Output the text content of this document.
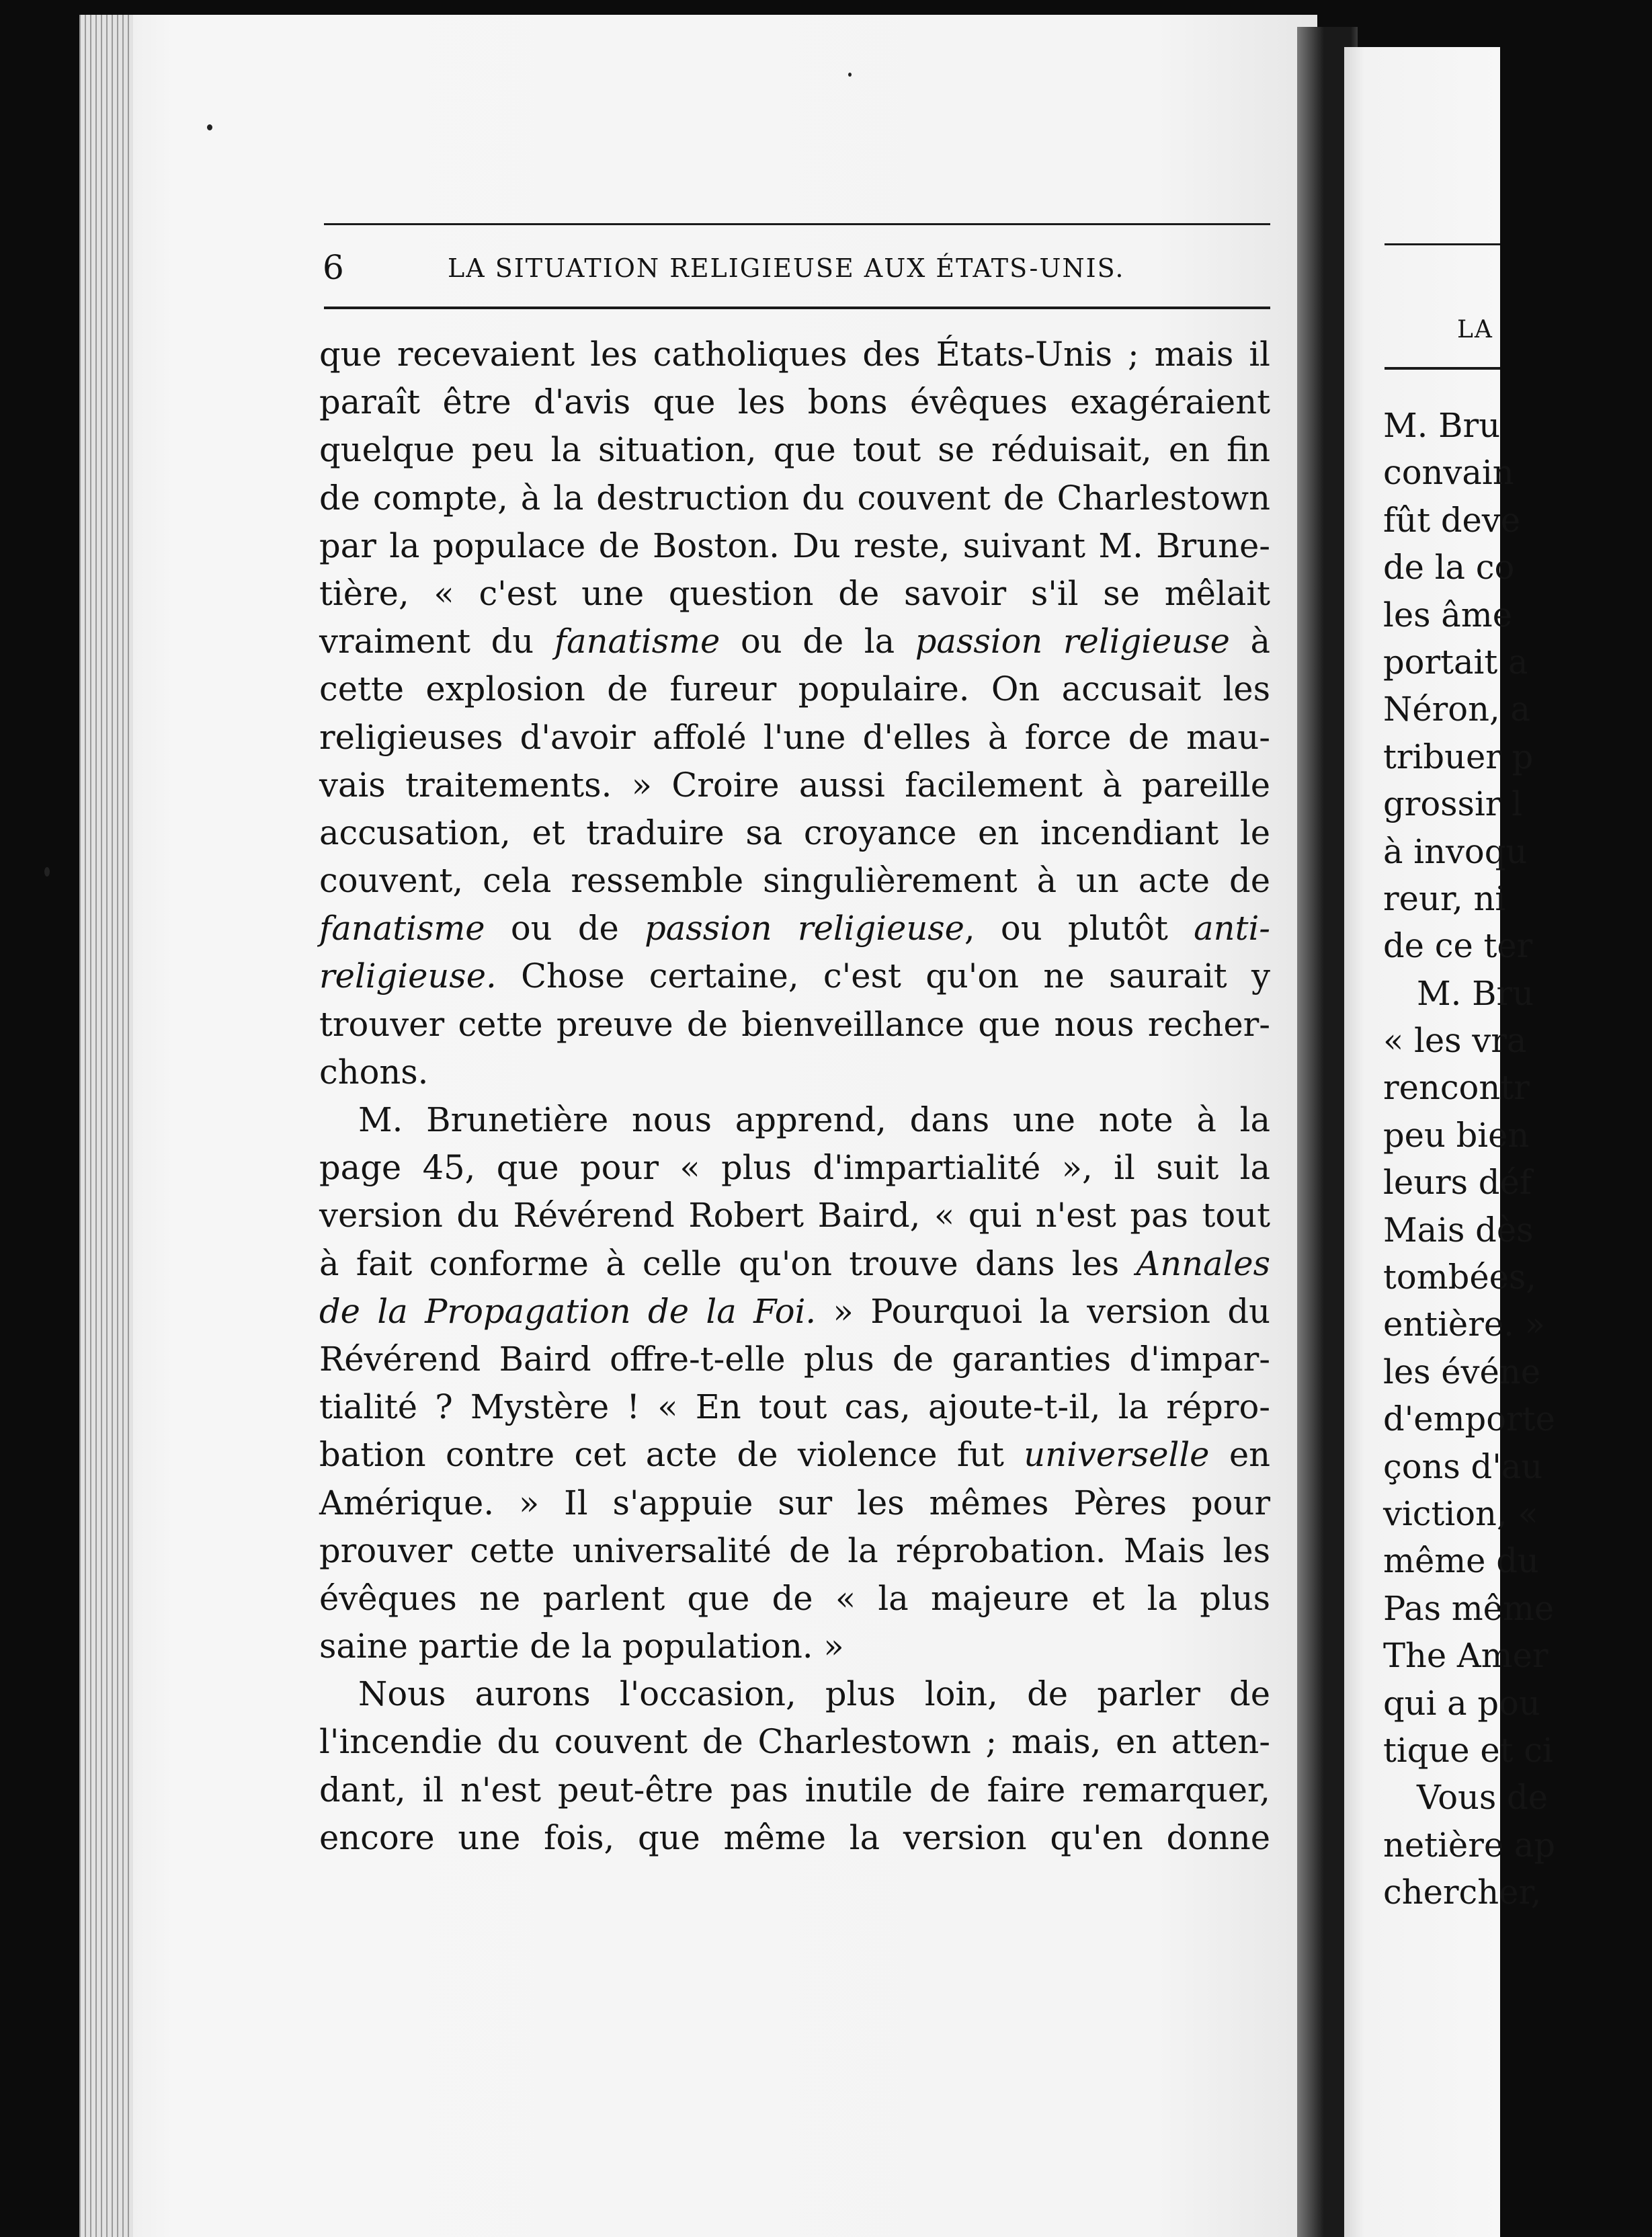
6	LA SITUATION RELIGIEUSE AUX ÉTATS-UNIS.
que recevaient les catholiques des États-Unis ; mais il
paraît être d'avis que les bons évêques exagéraient
quelque peu la situation, que tout se réduisait, en fin
de compte, à la destruction du couvent de Charlestown
par la populace de Boston. Du reste, suivant M. Brune-
tière, « c'est une question de savoir s'il se mêlait
vraiment du fanatisme ou de la passion religieuse à
cette explosion de fureur populaire. On accusait les
religieuses d'avoir affolé l'une d'elles à force de mau-
vais traitements. » Croire aussi facilement à pareille
accusation, et traduire sa croyance en incendiant le
couvent, cela ressemble singulièrement à un acte de
fanatisme ou de passion religieuse, ou plutôt anti-
religieuse. Chose certaine, c'est qu'on ne saurait y
trouver cette preuve de bienveillance que nous recher-
chons.
M. Brunetière nous apprend, dans une note à la
page 45, que pour « plus d'impartialité », il suit la
version du Révérend Robert Baird, « qui n'est pas tout
à fait conforme à celle qu'on trouve dans les Annales
de la Propagation de la Foi. » Pourquoi la version du
Révérend Baird offre-t-elle plus de garanties d'impar-
tialité ? Mystère ! « En tout cas, ajoute-t-il, la répro-
bation contre cet acte de violence fut universelle en
Amérique. » Il s'appuie sur les mêmes Pères pour
prouver cette universalité de la réprobation. Mais les
évêques ne parlent que de « la majeure et la plus
saine partie de la population. »
Nous aurons l'occasion, plus loin, de parler de
l'incendie du couvent de Charlestown ; mais, en atten-
dant, il n'est peut-être pas inutile de faire remarquer,
encore une fois, que même la version qu'en donne
LA
M. Bru
convain
fût deve
de la co
les âme
portait a
Néron, a
tribuer p
grossir l
à invoqu
reur, ni
de ce ter
M. Bru
« les vra
rencontr
peu bien
leurs déf
Mais dès
tombées,
entière. »
les événe
d'emporte
çons d'au
viction, «
même du
Pas même
The Amer
qui a pou
tique et ci
Vous de
netière ap
chercher,
